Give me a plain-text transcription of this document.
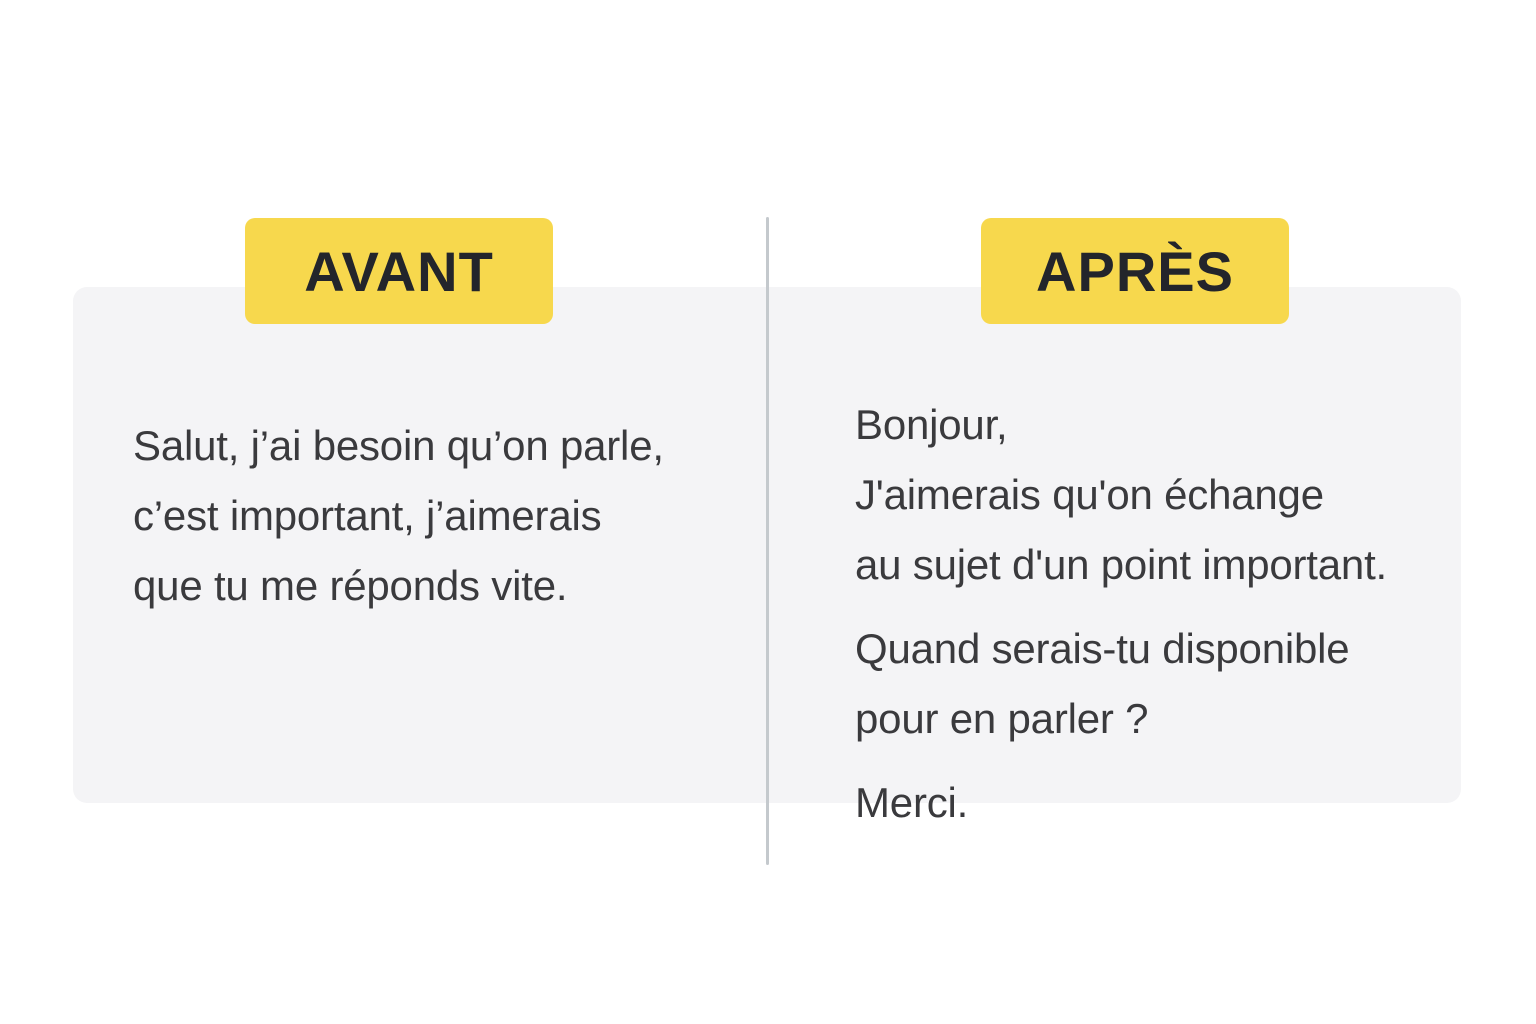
AVANT	APRÈS
Salut, j’ai besoin qu’on parle,
c’est important, j’aimerais
que tu me réponds vite.
Bonjour,
J'aimerais qu'on échange
au sujet d'un point important.
Quand serais-tu disponible
pour en parler ?
Merci.
